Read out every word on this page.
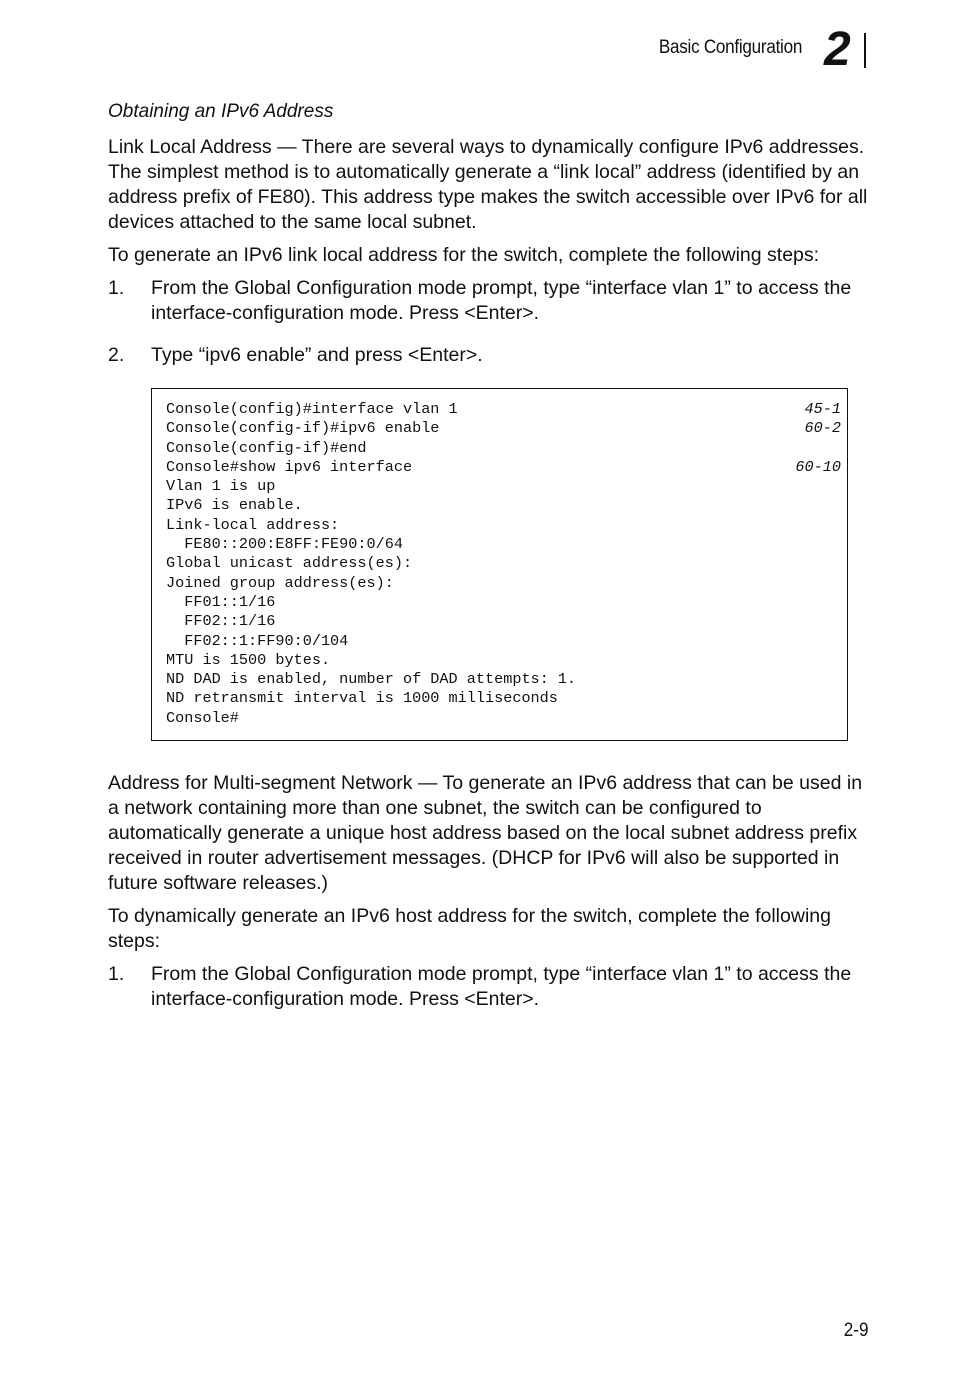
Basic Configuration 2
Obtaining an IPv6 Address

Link Local Address — There are several ways to dynamically configure IPv6 addresses. The simplest method is to automatically generate a “link local” address (identified by an address prefix of FE80). This address type makes the switch accessible over IPv6 for all devices attached to the same local subnet.

To generate an IPv6 link local address for the switch, complete the following steps:

1.	From the Global Configuration mode prompt, type “interface vlan 1” to access the interface-configuration mode. Press <Enter>.
2.	Type “ipv6 enable” and press <Enter>.
Console(config)#interface vlan 1	45-1
Console(config-if)#ipv6 enable	60-2
Console(config-if)#end
Console#show ipv6 interface	60-10
Vlan 1 is up
IPv6 is enable.
Link-local address:
FE80::200:E8FF:FE90:0/64
Global unicast address(es):
Joined group address(es):
FF01::1/16
FF02::1/16
FF02::1:FF90:0/104
MTU is 1500 bytes.
ND DAD is enabled, number of DAD attempts: 1.
ND retransmit interval is 1000 milliseconds
Console#

Address for Multi-segment Network — To generate an IPv6 address that can be used in a network containing more than one subnet, the switch can be configured to automatically generate a unique host address based on the local subnet address prefix received in router advertisement messages. (DHCP for IPv6 will also be supported in future software releases.)

To dynamically generate an IPv6 host address for the switch, complete the following steps:

1.	From the Global Configuration mode prompt, type “interface vlan 1” to access the interface-configuration mode. Press <Enter>.
2-9
